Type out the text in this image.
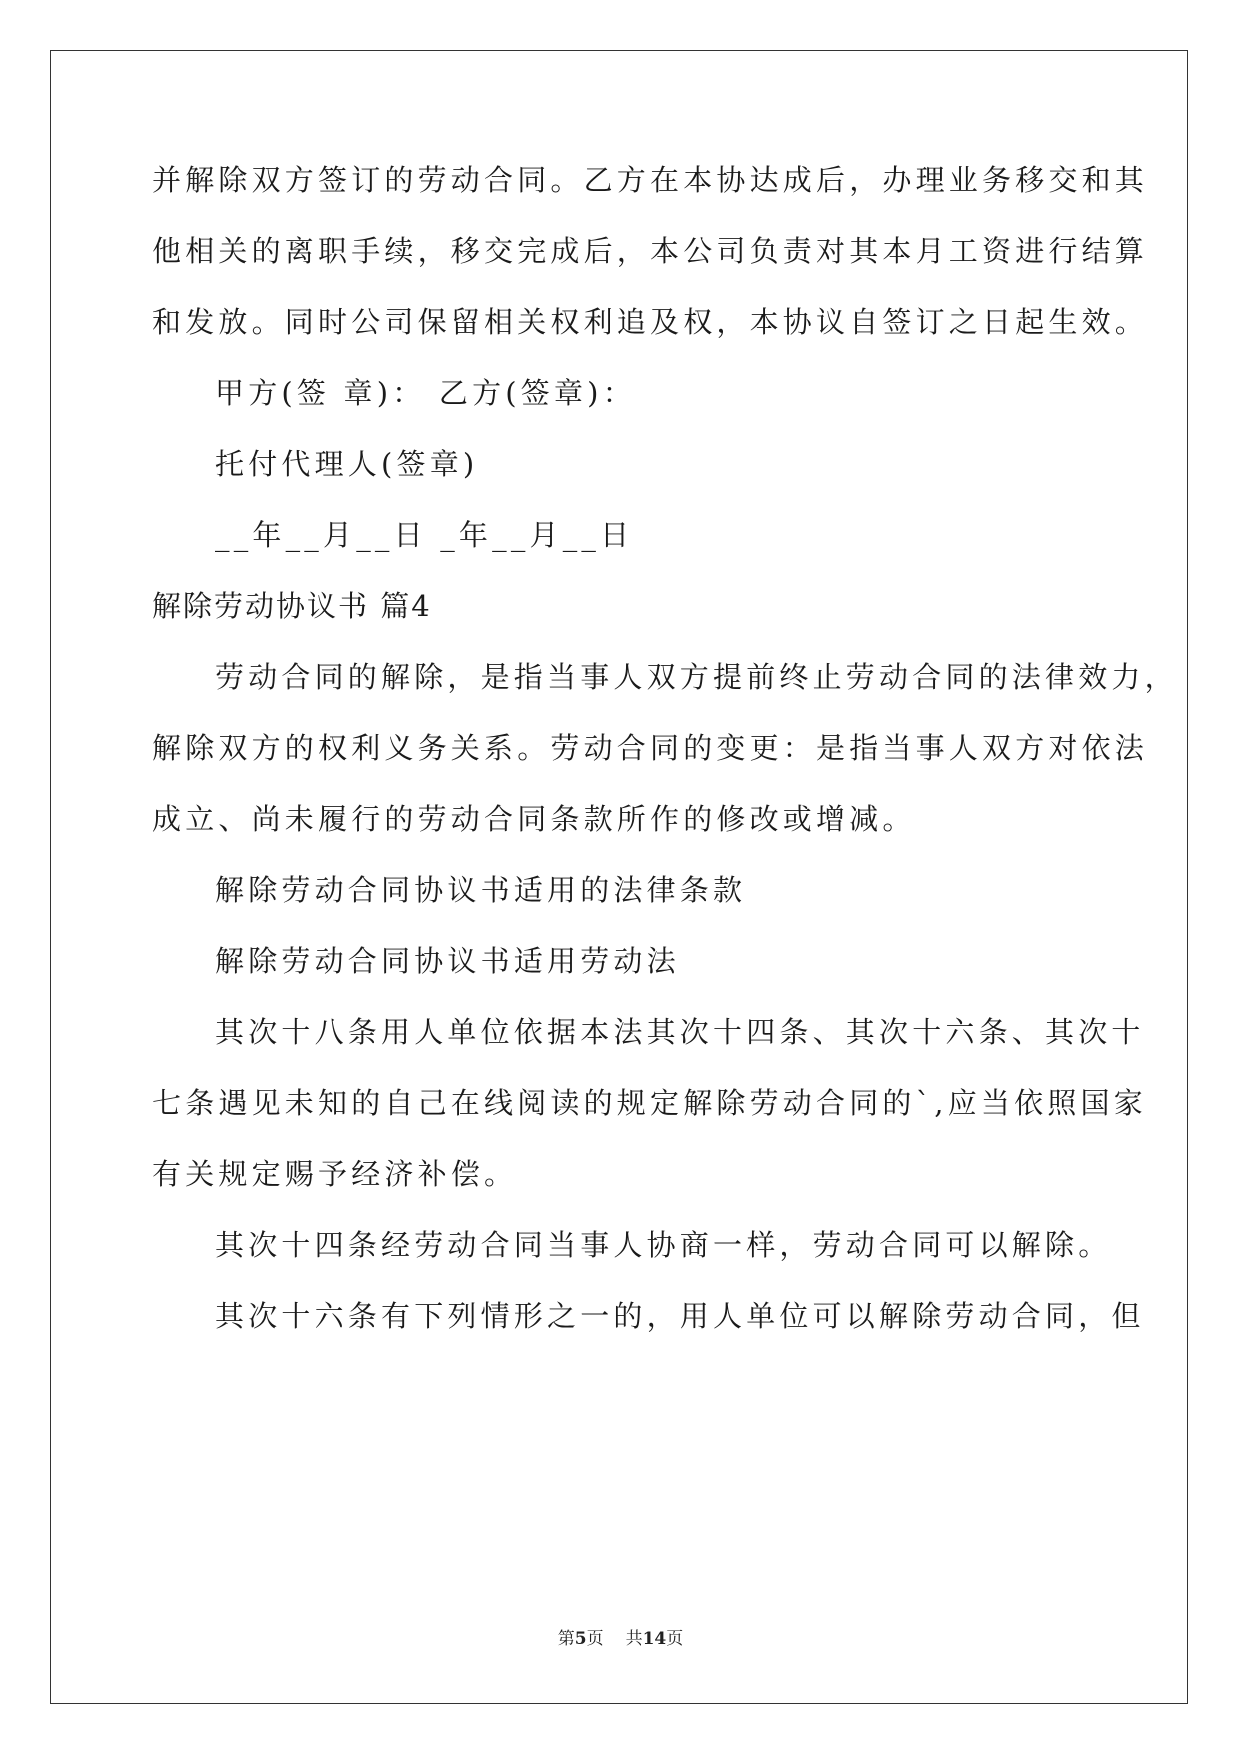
并解除双方签订的劳动合同。乙方在本协达成后，办理业务移交和其
他相关的离职手续，移交完成后，本公司负责对其本月工资进行结算
和发放。同时公司保留相关权利追及权，本协议自签订之日起生效。
甲方(签 章)： 乙方(签章)：
托付代理人(签章)
__年__月__日 _年__月__日
解除劳动协议书 篇4
劳动合同的解除，是指当事人双方提前终止劳动合同的法律效力，
解除双方的权利义务关系。劳动合同的变更：是指当事人双方对依法
成立、尚未履行的劳动合同条款所作的修改或增减。
解除劳动合同协议书适用的法律条款
解除劳动合同协议书适用劳动法
其次十八条用人单位依据本法其次十四条、其次十六条、其次十
七条遇见未知的自己在线阅读的规定解除劳动合同的`,应当依照国家
有关规定赐予经济补偿。
其次十四条经劳动合同当事人协商一样，劳动合同可以解除。
其次十六条有下列情形之一的，用人单位可以解除劳动合同，但
第5页 共14页
